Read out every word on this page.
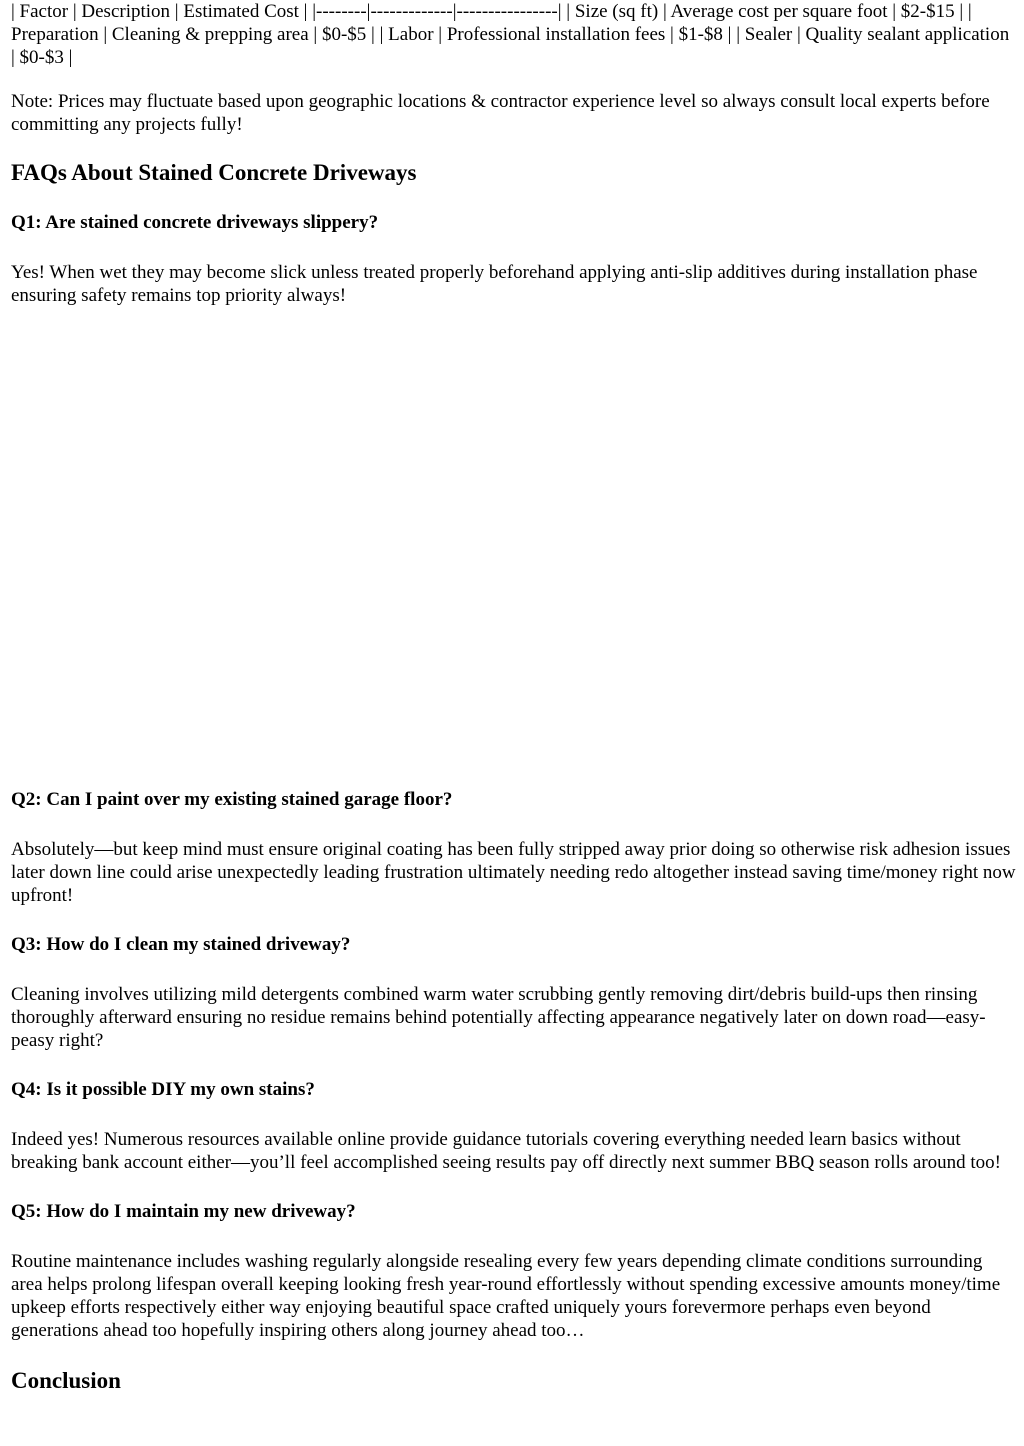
| Factor | Description | Estimated Cost | |--------|-------------|----------------| | Size (sq ft) | Average cost per square foot | $2-$15 | | Preparation | Cleaning & prepping area | $0-$5 | | Labor | Professional installation fees | $1-$8 | | Sealer | Quality sealant application | $0-$3 |

Note: Prices may fluctuate based upon geographic locations & contractor experience level so always consult local experts before committing any projects fully!

FAQs About Stained Concrete Driveways
Q1: Are stained concrete driveways slippery?

Yes! When wet they may become slick unless treated properly beforehand applying anti-slip additives during installation phase ensuring safety remains top priority always!

Q2: Can I paint over my existing stained garage floor?

Absolutely—but keep mind must ensure original coating has been fully stripped away prior doing so otherwise risk adhesion issues later down line could arise unexpectedly leading frustration ultimately needing redo altogether instead saving time/money right now upfront!

Q3: How do I clean my stained driveway?

Cleaning involves utilizing mild detergents combined warm water scrubbing gently removing dirt/debris build-ups then rinsing thoroughly afterward ensuring no residue remains behind potentially affecting appearance negatively later on down road—easy-peasy right?

Q4: Is it possible DIY my own stains?

Indeed yes! Numerous resources available online provide guidance tutorials covering everything needed learn basics without breaking bank account either—you’ll feel accomplished seeing results pay off directly next summer BBQ season rolls around too!

Q5: How do I maintain my new driveway?

Routine maintenance includes washing regularly alongside resealing every few years depending climate conditions surrounding area helps prolong lifespan overall keeping looking fresh year-round effortlessly without spending excessive amounts money/time upkeep efforts respectively either way enjoying beautiful space crafted uniquely yours forevermore perhaps even beyond generations ahead too hopefully inspiring others along journey ahead too…

Conclusion
